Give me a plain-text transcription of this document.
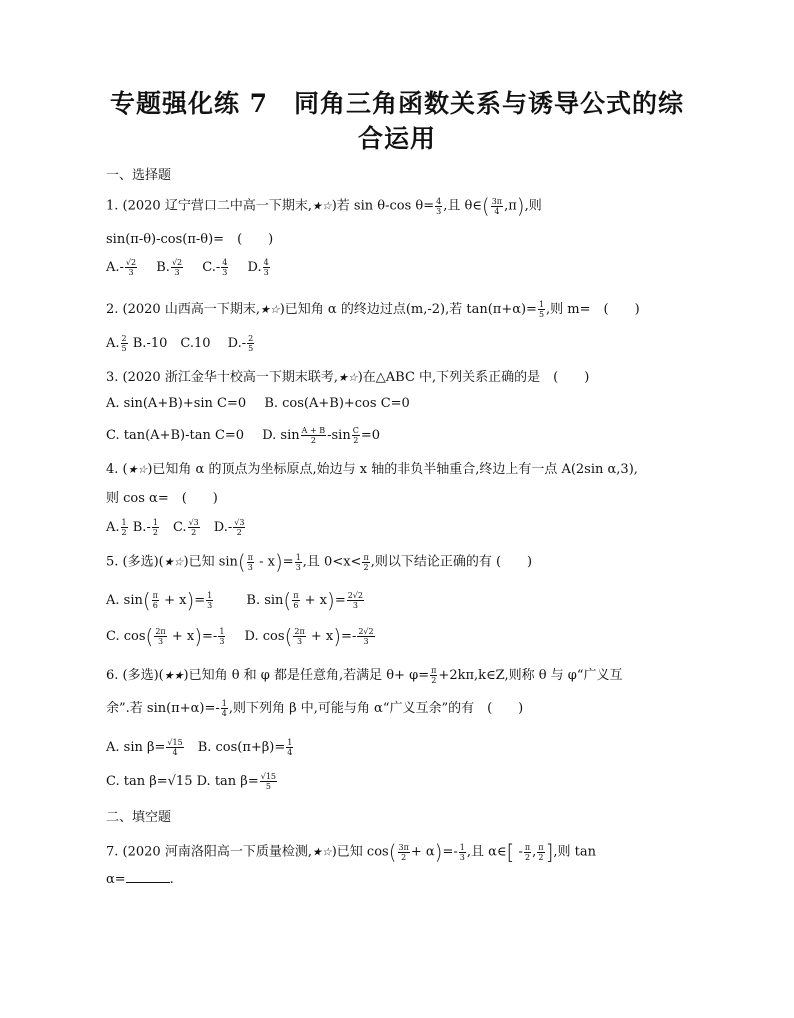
专题强化练 7　同角三角函数关系与诱导公式的综
合运用
一、选择题
1. (2020 辽宁营口二中高一下期末,★☆)若 sin θ-cos $\theta= \frac{4}{3}$ ,且 θ∈( $\frac{3\pi}{4} ,\pi$),则
sin(π-θ)-cos(π-θ)=　(　　)
$A.- \frac{√2}{3} B$. $\frac{√2}{3} C.- \frac{4}{3} D$. $\frac{4}{3}$
2. (2020 山西高一下期末,★☆)已知角 α 的终边过点(m,-2),若 $\tan(\pi+\alpha)= \frac{1}{5}$ ,则 m=　(　　)
A. $\frac{2}{5} B.-10$　C.10　 $D.- \frac{2}{5}$
3. (2020 浙江金华十校高一下期末联考,★☆)在△ABC 中,下列关系正确的是　(　　)
A. sin(A+B)+sin C=0 B. cos(A+B)+cos C=0
C. tan(A+B)-tan C=0 D. $\sin \frac{A + B}{2} -\sin \frac{C}{2} =0$
4. (★☆)已知角 α 的顶点为坐标原点,始边与 x 轴的非负半轴重合,终边上有一点 A(2sin α,3),
则 cos α=　(　　)
A. $\frac{1}{2} B.- \frac{1}{2}$ 　C. $\frac{√3}{2}$ 　$D.- \frac{√3}{2}$
5. (多选)(★☆)已知 $\sin( \frac{\pi}{3} - x)= \frac{1}{3}$ ,且 $0<x< \frac{\pi}{2}$ ,则以下结论正确的有 (　　)
A. $\sin( \frac{\pi}{6} + x)= \frac{1}{3}$	B. $\sin( \frac{\pi}{6} + x)= \frac{2√2}{3}$
C. $\cos( \frac{2\pi}{3} + x)=- \frac{1}{3} D$. $\cos( \frac{2\pi}{3} + x)=- \frac{2√2}{3}$
6. (多选)(★★)已知角 θ 和 φ 都是任意角,若满足 $\theta+ \varphi= \frac{\pi}{2}$ +2kπ,k∈Z,则称 θ 与 φ“广义互
余”.若 $\sin(\pi+\alpha)=- \frac{1}{4}$ ,则下列角 β 中,可能与角 α“广义互余”的有　(　　)
A. $\sin \beta= \frac{√15}{4}$ 　B. $\cos(\pi+\beta)= \frac{1}{4}$
C. tan β=√15 D. $\tan \beta= \frac{√15}{5}$
二、填空题
7. (2020 河南洛阳高一下质量检测,★☆)已知 $\cos( \frac{3\pi}{2} + \alpha)=- \frac{1}{3}$ ,且 α∈[ - $\frac{\pi}{2}$ , $\frac{\pi}{2}$ ],则 tan
α=	.
